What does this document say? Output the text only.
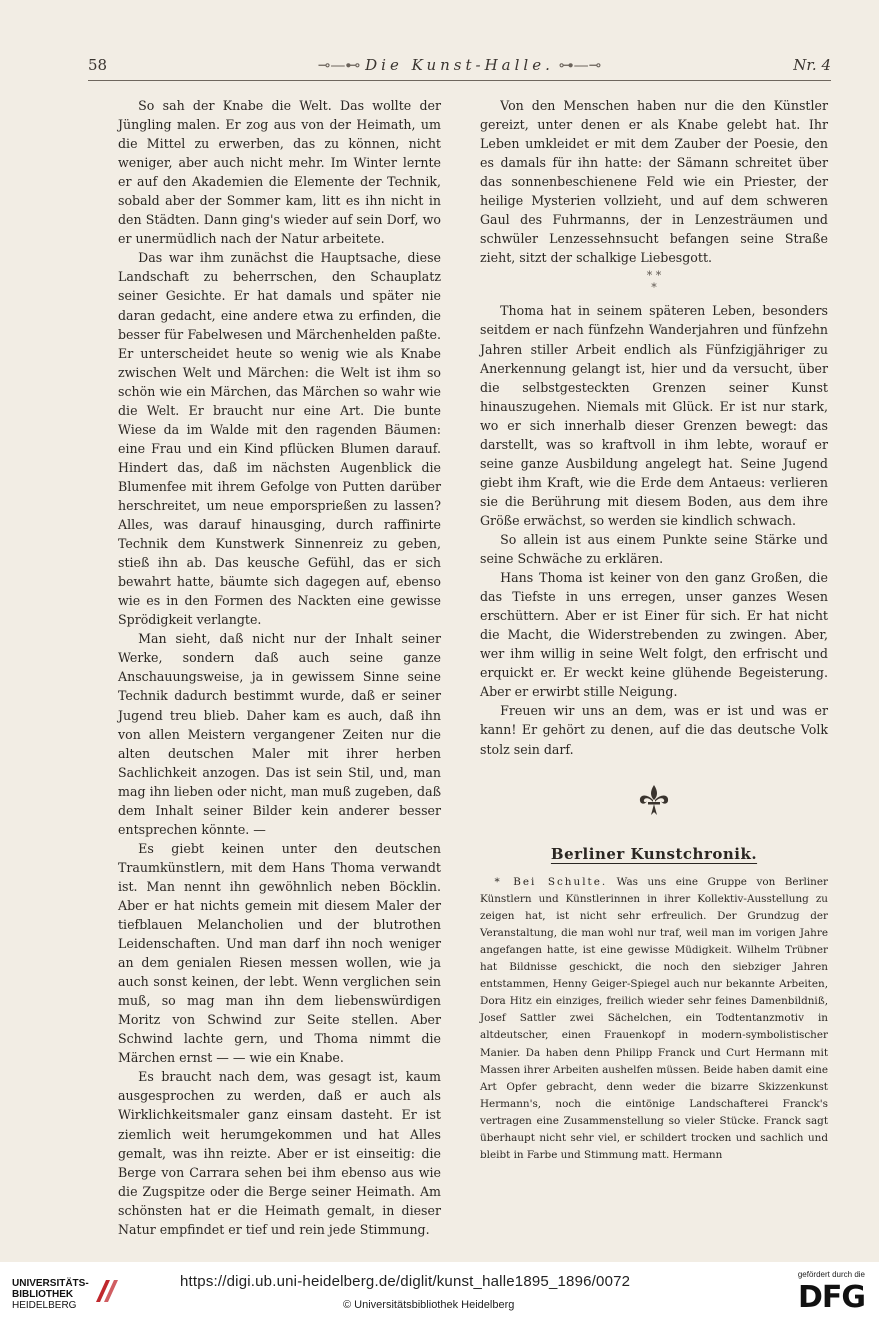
58	⊸—⊷ Die Kunst-Halle. ⊶—⊸	Nr. 4

So sah der Knabe die Welt. Das wollte der Jüngling malen. Er zog aus von der Heimath, um die Mittel zu erwerben, das zu können, nicht weniger, aber auch nicht mehr. Im Winter lernte er auf den Akademien die Elemente der Technik, sobald aber der Sommer kam, litt es ihn nicht in den Städten. Dann ging's wieder auf sein Dorf, wo er unermüdlich nach der Natur arbeitete.

Das war ihm zunächst die Hauptsache, diese Landschaft zu beherrschen, den Schauplatz seiner Gesichte. Er hat damals und später nie daran gedacht, eine andere etwa zu erfinden, die besser für Fabelwesen und Märchenhelden paßte. Er unterscheidet heute so wenig wie als Knabe zwischen Welt und Märchen: die Welt ist ihm so schön wie ein Märchen, das Märchen so wahr wie die Welt. Er braucht nur eine Art. Die bunte Wiese da im Walde mit den ragenden Bäumen: eine Frau und ein Kind pflücken Blumen darauf. Hindert das, daß im nächsten Augenblick die Blumenfee mit ihrem Gefolge von Putten darüber herschreitet, um neue emporsprießen zu lassen? Alles, was darauf hinausging, durch raffinirte Technik dem Kunstwerk Sinnenreiz zu geben, stieß ihn ab. Das keusche Gefühl, das er sich bewahrt hatte, bäumte sich dagegen auf, ebenso wie es in den Formen des Nackten eine gewisse Sprödigkeit verlangte.

Man sieht, daß nicht nur der Inhalt seiner Werke, sondern daß auch seine ganze Anschauungsweise, ja in gewissem Sinne seine Technik dadurch bestimmt wurde, daß er seiner Jugend treu blieb. Daher kam es auch, daß ihn von allen Meistern vergangener Zeiten nur die alten deutschen Maler mit ihrer herben Sachlichkeit anzogen. Das ist sein Stil, und, man mag ihn lieben oder nicht, man muß zugeben, daß dem Inhalt seiner Bilder kein anderer besser entsprechen könnte. —

Es giebt keinen unter den deutschen Traumkünstlern, mit dem Hans Thoma verwandt ist. Man nennt ihn gewöhnlich neben Böcklin. Aber er hat nichts gemein mit diesem Maler der tiefblauen Melancholien und der blutrothen Leidenschaften. Und man darf ihn noch weniger an dem genialen Riesen messen wollen, wie ja auch sonst keinen, der lebt. Wenn verglichen sein muß, so mag man ihn dem liebenswürdigen Moritz von Schwind zur Seite stellen. Aber Schwind lachte gern, und Thoma nimmt die Märchen ernst — — wie ein Knabe.

Es braucht nach dem, was gesagt ist, kaum ausgesprochen zu werden, daß er auch als Wirklichkeitsmaler ganz einsam dasteht. Er ist ziemlich weit herumgekommen und hat Alles gemalt, was ihn reizte. Aber er ist einseitig: die Berge von Carrara sehen bei ihm ebenso aus wie die Zugspitze oder die Berge seiner Heimath. Am schönsten hat er die Heimath gemalt, in dieser Natur empfindet er tief und rein jede Stimmung.

Von den Menschen haben nur die den Künstler gereizt, unter denen er als Knabe gelebt hat. Ihr Leben umkleidet er mit dem Zauber der Poesie, den es damals für ihn hatte: der Sämann schreitet über das sonnenbeschienene Feld wie ein Priester, der heilige Mysterien vollzieht, und auf dem schweren Gaul des Fuhrmanns, der in Lenzesträumen und schwüler Lenzessehnsucht befangen seine Straße zieht, sitzt der schalkige Liebesgott.

* *
*

Thoma hat in seinem späteren Leben, besonders seitdem er nach fünfzehn Wanderjahren und fünfzehn Jahren stiller Arbeit endlich als Fünfzigjähriger zu Anerkennung gelangt ist, hier und da versucht, über die selbstgesteckten Grenzen seiner Kunst hinauszugehen. Niemals mit Glück. Er ist nur stark, wo er sich innerhalb dieser Grenzen bewegt: das darstellt, was so kraftvoll in ihm lebte, worauf er seine ganze Ausbildung angelegt hat. Seine Jugend giebt ihm Kraft, wie die Erde dem Antaeus: verlieren sie die Berührung mit diesem Boden, aus dem ihre Größe erwächst, so werden sie kindlich schwach.

So allein ist aus einem Punkte seine Stärke und seine Schwäche zu erklären.

Hans Thoma ist keiner von den ganz Großen, die das Tiefste in uns erregen, unser ganzes Wesen erschüttern. Aber er ist Einer für sich. Er hat nicht die Macht, die Widerstrebenden zu zwingen. Aber, wer ihm willig in seine Welt folgt, den erfrischt und erquickt er. Er weckt keine glühende Begeisterung. Aber er erwirbt stille Neigung.

Freuen wir uns an dem, was er ist und was er kann! Er gehört zu denen, auf die das deutsche Volk stolz sein darf.

Berliner Kunstchronik.

* Bei Schulte. Was uns eine Gruppe von Berliner Künstlern und Künstlerinnen in ihrer Kollektiv-Ausstellung zu zeigen hat, ist nicht sehr erfreulich. Der Grundzug der Veranstaltung, die man wohl nur traf, weil man im vorigen Jahre angefangen hatte, ist eine gewisse Müdigkeit. Wilhelm Trübner hat Bildnisse geschickt, die noch den siebziger Jahren entstammen, Henny Geiger-Spiegel auch nur bekannte Arbeiten, Dora Hitz ein einziges, freilich wieder sehr feines Damenbildniß, Josef Sattler zwei Sächelchen, ein Todtentanzmotiv in altdeutscher, einen Frauenkopf in modern-symbolistischer Manier. Da haben denn Philipp Franck und Curt Hermann mit Massen ihrer Arbeiten aushelfen müssen. Beide haben damit eine Art Opfer gebracht, denn weder die bizarre Skizzenkunst Hermann's, noch die eintönige Landschafterei Franck's vertragen eine Zusammenstellung so vieler Stücke. Franck sagt überhaupt nicht sehr viel, er schildert trocken und sachlich und bleibt in Farbe und Stimmung matt. Hermann

UNIVERSITÄTS-
BIBLIOTHEK
HEIDELBERG
https://digi.ub.uni-heidelberg.de/diglit/kunst_halle1895_1896/0072
© Universitätsbibliothek Heidelberg
gefördert durch die
DFG
